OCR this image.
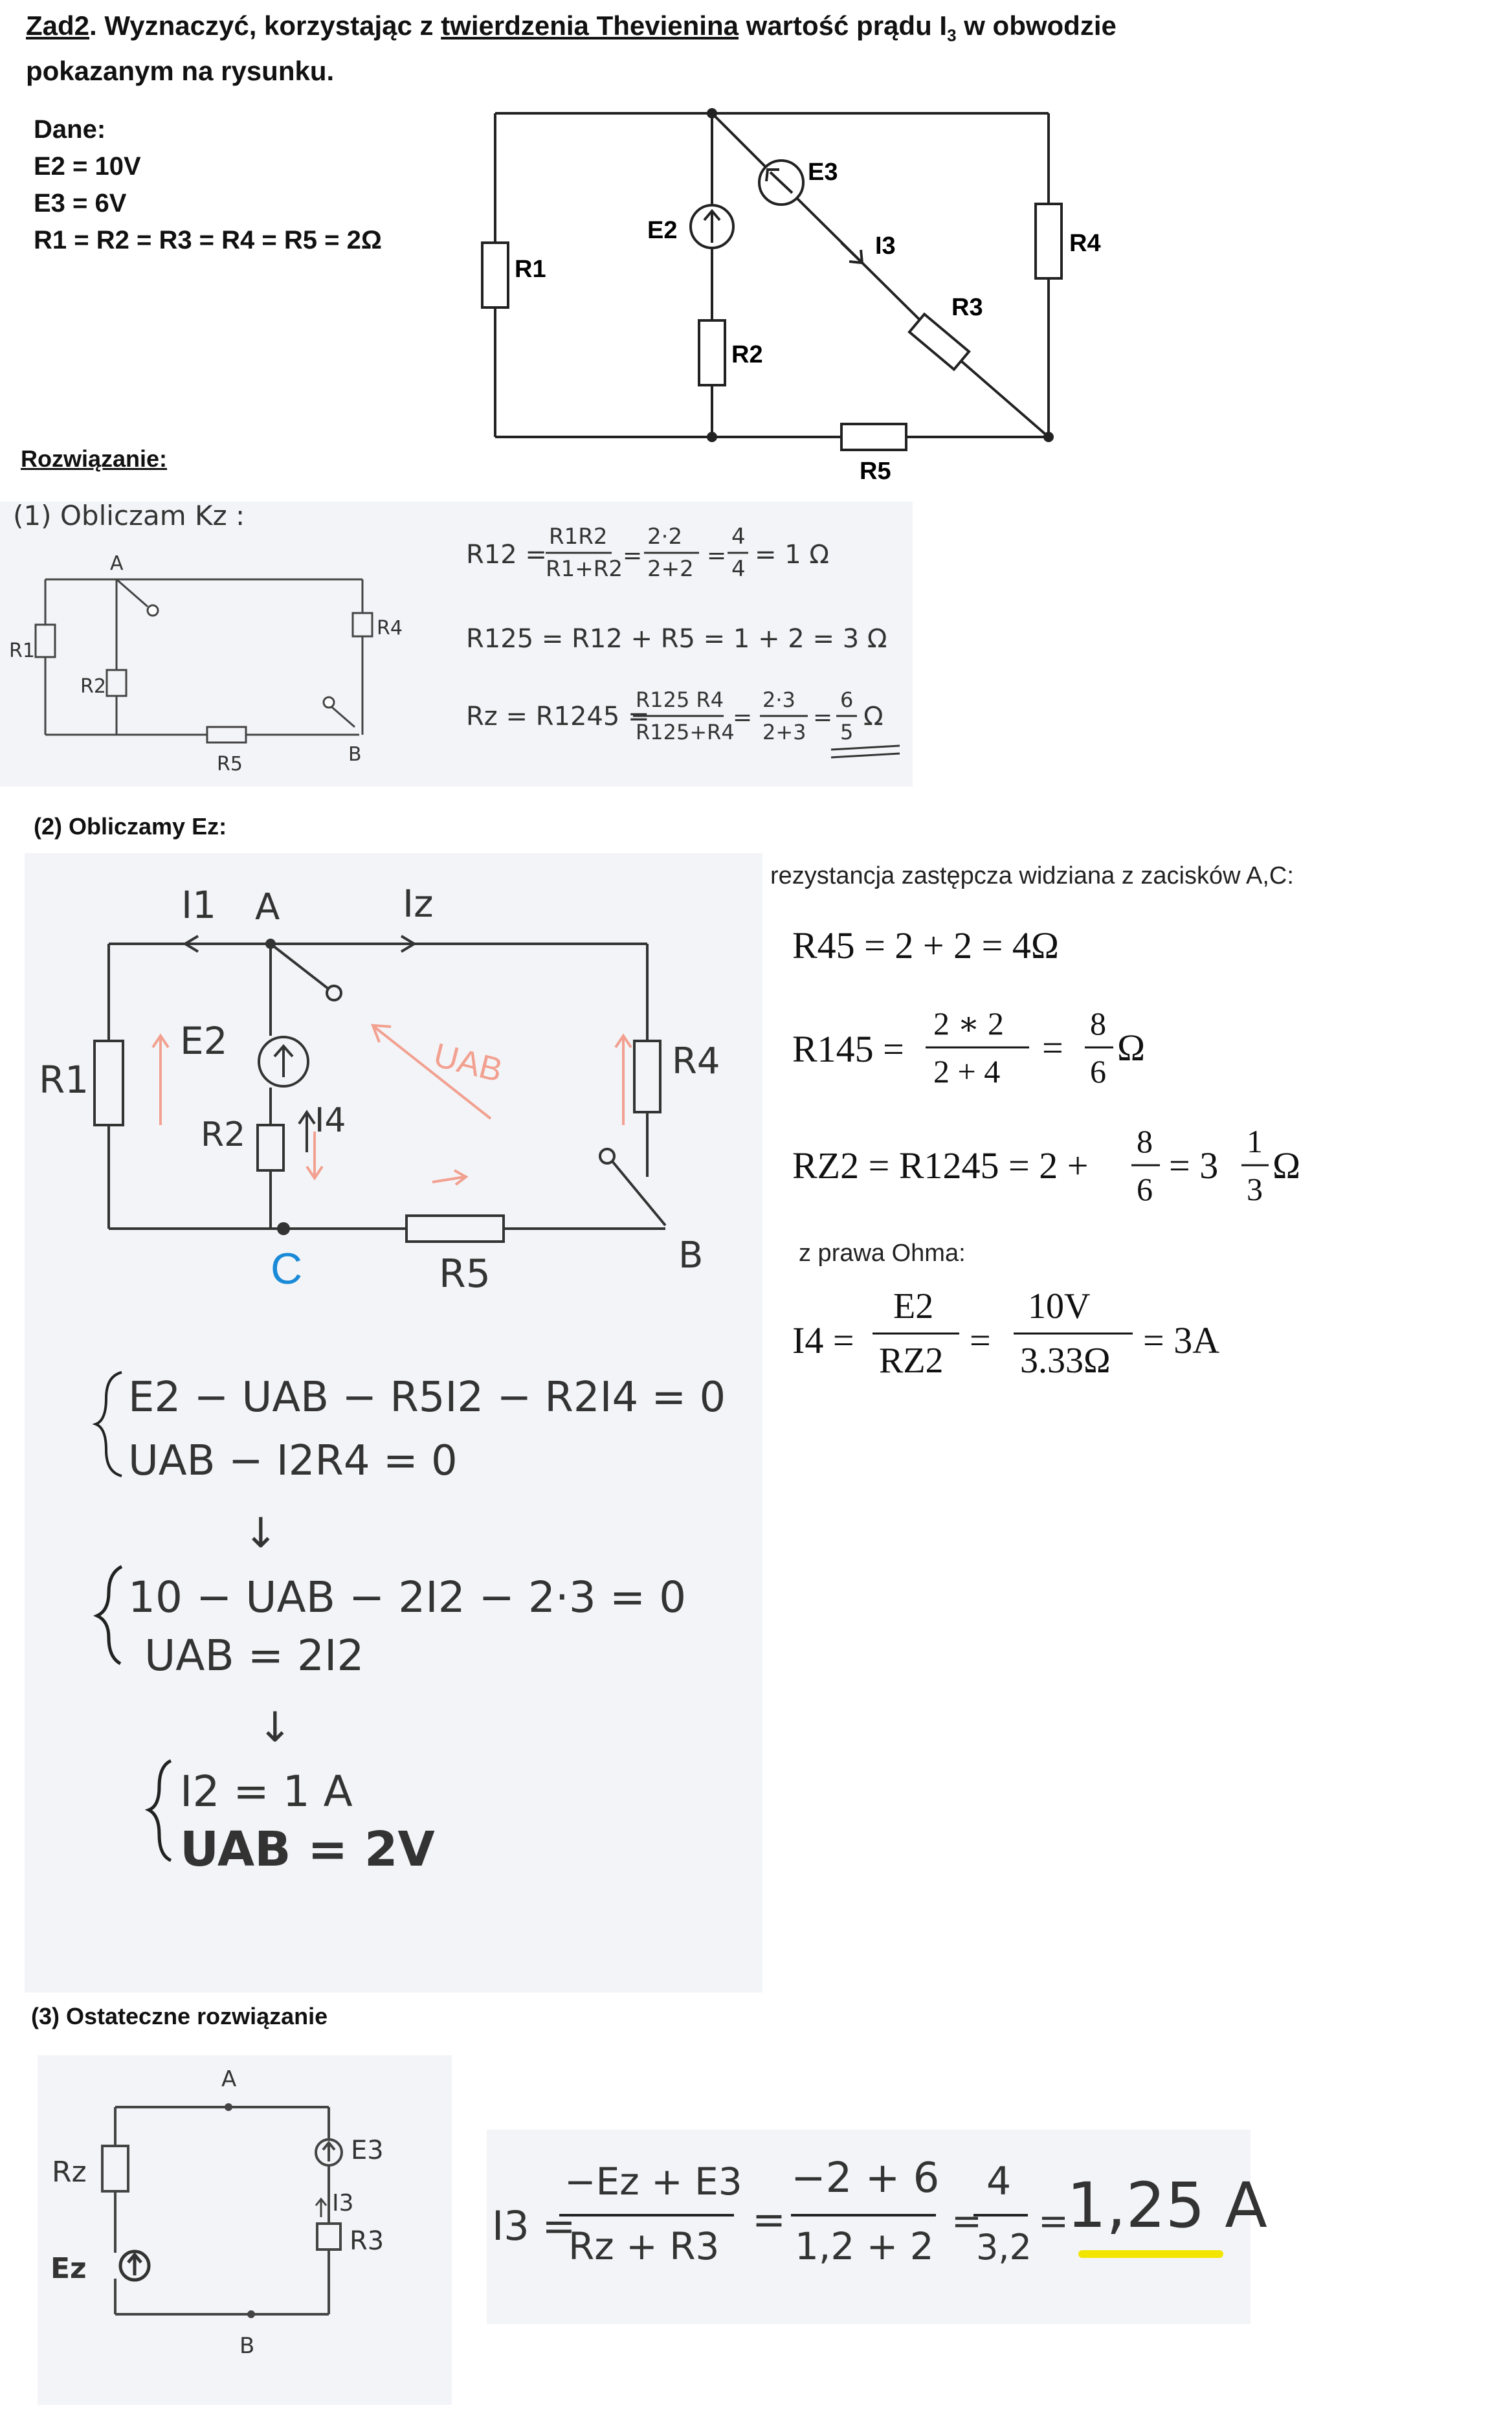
Zad2. Wyznaczyć, korzystając z twierdzenia Thevienina wartość prądu $I_3$ w obwodzie pokazanym na rysunku.
Dane:
E2 = 10V
E3 = 6V
R1 = R2 = R3 = R4 = R5 = 2Ω
R1
R2
R4
R5
R3
E2
E3
I3
Rozwiązanie:
(1) Obliczam Kz :
A
B
R1
R2
R4
R5
R12 =
R1R2
R1+R2 =
2·2
2+2 =
4
4 = 1 Ω
R125 = R12 + R5 = 1 + 2 = 3 Ω
Rz = R1245 =
R125 R4
R125+R4
=
2·3
2+3
=
6
5
Ω
(2) Obliczamy Ez:
I1 A	Iz
E2	UAB	R4
R1
R2 I4
C	R5	B
E2 − UAB − R5I2 − R2I4 = 0
UAB − I2R4 = 0
↓
10 − UAB − 2I2 − 2·3 = 0
UAB = 2I2
↓
I2 = 1 A
UAB = 2V
rezystancja zastępcza widziana z zacisków A,C:
R45 = 2 + 2 = 4Ω
R145 =
2 ∗ 2
2 + 4
=
8
6
Ω
RZ2 = R1245 = 2 +
8
6
= 3
1
3
Ω
z prawa Ohma:
I4 =
E2
RZ2 =
10V
3.33Ω = 3A
(3) Ostateczne rozwiązanie
A
B
Rz
Ez
E3
I3
R3	I3 =
−Ez + E3
Rz + R3
=
−2 + 6
1,2 + 2
=
4
3,2
=
1,25 A
